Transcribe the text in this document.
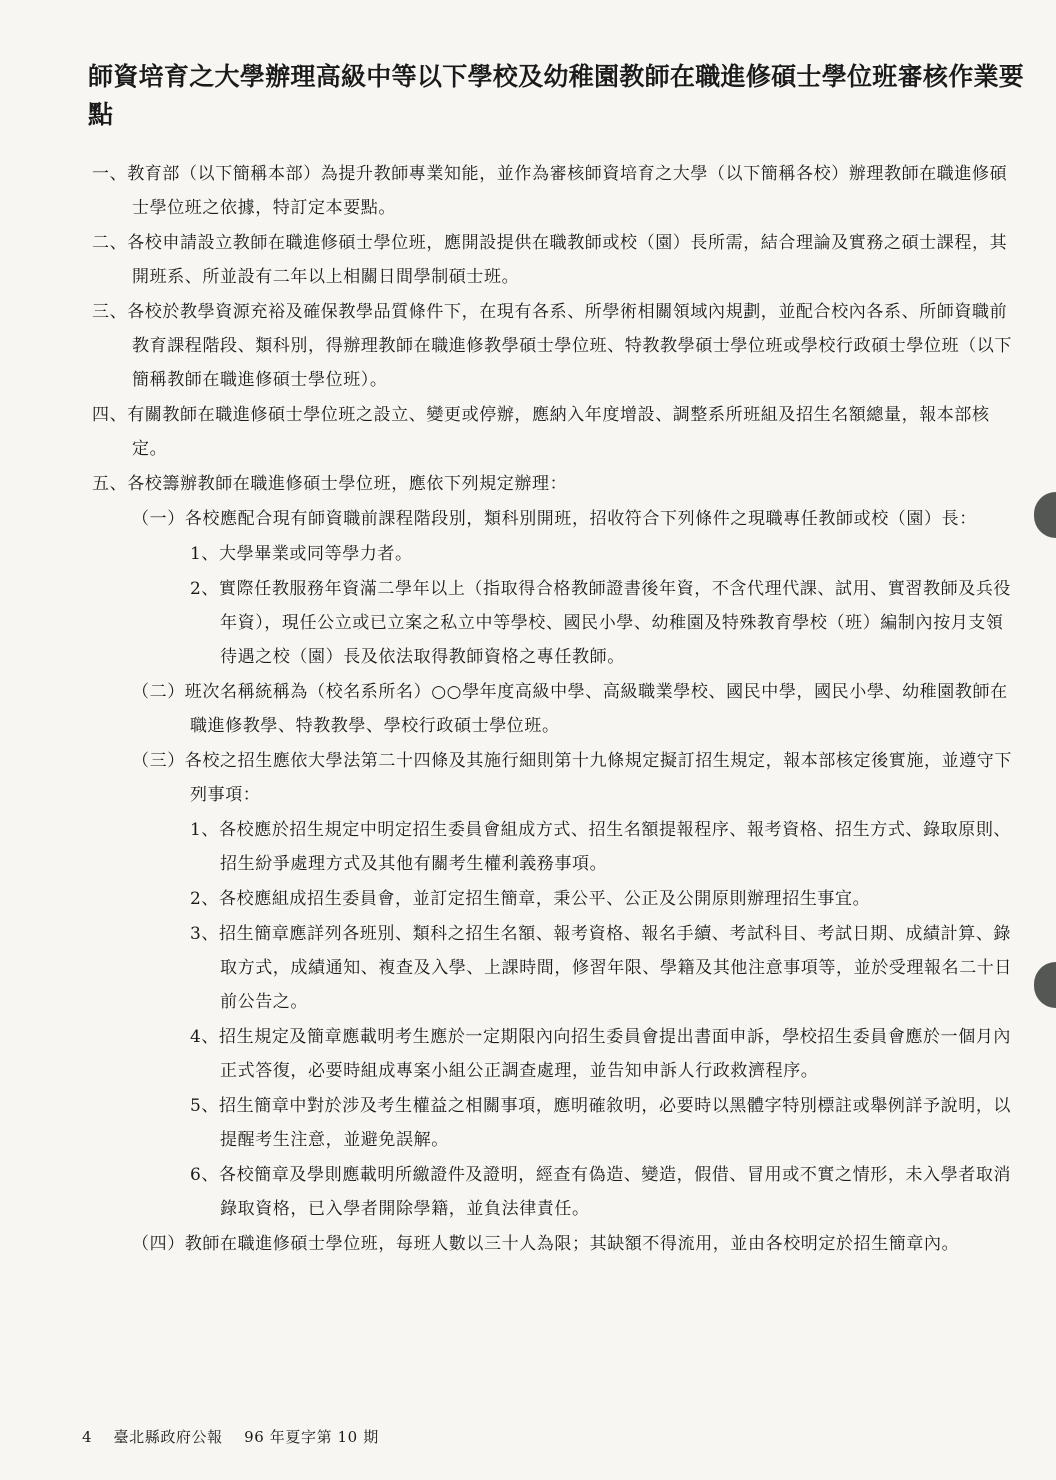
師資培育之大學辦理高級中等以下學校及幼稚園教師在職進修碩士學位班審核作業要點

一、教育部（以下簡稱本部）為提升教師專業知能，並作為審核師資培育之大學（以下簡稱各校）辦理教師在職進修碩士學位班之依據，特訂定本要點。

二、各校申請設立教師在職進修碩士學位班，應開設提供在職教師或校（園）長所需，結合理論及實務之碩士課程，其開班系、所並設有二年以上相關日間學制碩士班。

三、各校於教學資源充裕及確保教學品質條件下，在現有各系、所學術相關領域內規劃，並配合校內各系、所師資職前教育課程階段、類科別，得辦理教師在職進修教學碩士學位班、特教教學碩士學位班或學校行政碩士學位班（以下簡稱教師在職進修碩士學位班）。

四、有關教師在職進修碩士學位班之設立、變更或停辦，應納入年度增設、調整系所班組及招生名額總量，報本部核定。

五、各校籌辦教師在職進修碩士學位班，應依下列規定辦理：

（一）各校應配合現有師資職前課程階段別，類科別開班，招收符合下列條件之現職專任教師或校（園）長：

1、大學畢業或同等學力者。

2、實際任教服務年資滿二學年以上（指取得合格教師證書後年資，不含代理代課、試用、實習教師及兵役年資），現任公立或已立案之私立中等學校、國民小學、幼稚園及特殊教育學校（班）編制內按月支領待遇之校（園）長及依法取得教師資格之專任教師。

（二）班次名稱統稱為（校名系所名）○○學年度高級中學、高級職業學校、國民中學，國民小學、幼稚園教師在職進修教學、特教教學、學校行政碩士學位班。

（三）各校之招生應依大學法第二十四條及其施行細則第十九條規定擬訂招生規定，報本部核定後實施，並遵守下列事項：

1、各校應於招生規定中明定招生委員會組成方式、招生名額提報程序、報考資格、招生方式、錄取原則、招生紛爭處理方式及其他有關考生權利義務事項。

2、各校應組成招生委員會，並訂定招生簡章，秉公平、公正及公開原則辦理招生事宜。

3、招生簡章應詳列各班別、類科之招生名額、報考資格、報名手續、考試科目、考試日期、成績計算、錄取方式，成績通知、複查及入學、上課時間，修習年限、學籍及其他注意事項等，並於受理報名二十日前公告之。

4、招生規定及簡章應載明考生應於一定期限內向招生委員會提出書面申訴，學校招生委員會應於一個月內正式答復，必要時組成專案小組公正調查處理，並告知申訴人行政救濟程序。

5、招生簡章中對於涉及考生權益之相關事項，應明確敘明，必要時以黑體字特別標註或舉例詳予說明，以提醒考生注意，並避免誤解。

6、各校簡章及學則應載明所繳證件及證明，經查有偽造、變造，假借、冒用或不實之情形，未入學者取消錄取資格，已入學者開除學籍，並負法律責任。

（四）教師在職進修碩士學位班，每班人數以三十人為限；其缺額不得流用，並由各校明定於招生簡章內。

4 臺北縣政府公報 96 年夏字第 10 期
